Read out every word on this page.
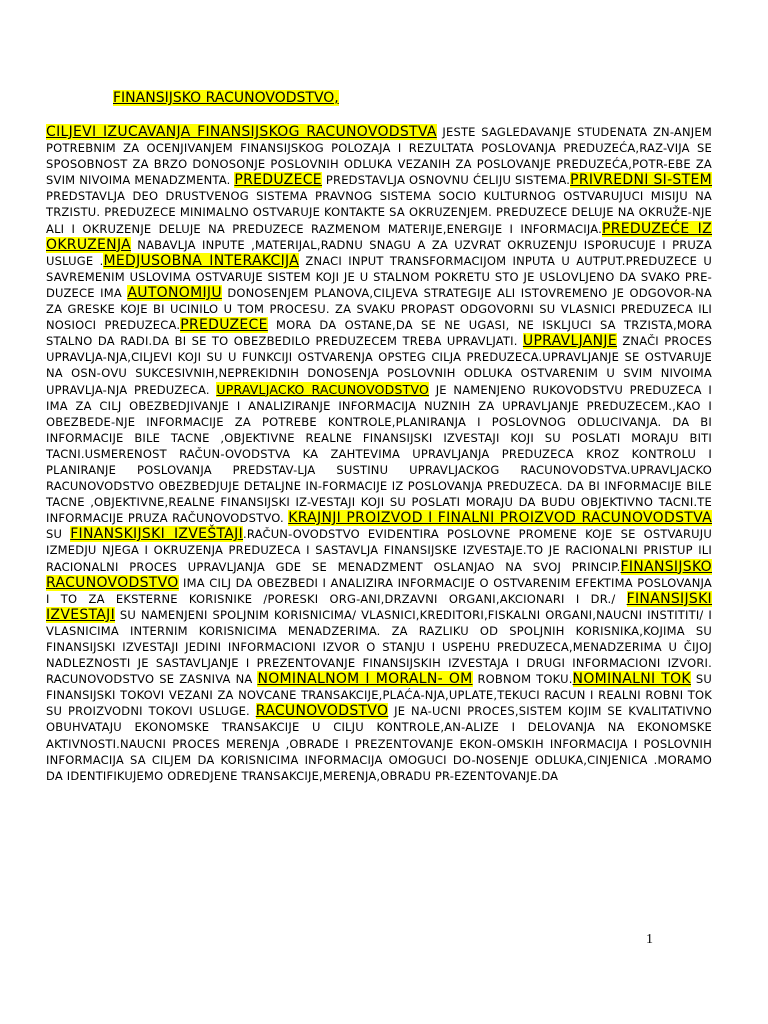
FINANSIJSKO RACUNOVODSTVO,

CILJEVI IZUCAVANJA FINANSIJSKOG RACUNOVODSTVA JESTE SAGLEDAVANJE STUDENATA ZN-ANJEM POTREBNIM ZA OCENJIVANJEM FINANSIJSKOG POLOZAJA I REZULTATA POSLOVANJA PREDUZEĆA,RAZ-VIJA SE SPOSOBNOST ZA BRZO DONOSONJE POSLOVNIH ODLUKA VEZANIH ZA POSLOVANJE PREDUZEĆA,POTR-EBE ZA SVIM NIVOIMA MENADZMENTA. PREDUZECE PREDSTAVLJA OSNOVNU ĆELIJU SISTEMA.PRIVREDNI SI-STEM PREDSTAVLJA DEO DRUSTVENOG SISTEMA PRAVNOG SISTEMA SOCIO KULTURNOG OSTVARUJUCI MISIJU NA TRZISTU. PREDUZECE MINIMALNO OSTVARUJE KONTAKTE SA OKRUZENJEM. PREDUZECE DELUJE NA OKRUŽE-NJE ALI I OKRUZENJE DELUJE NA PREDUZECE RAZMENOM MATERIJE,ENERGIJE I INFORMACIJA.PREDUZEĆE IZ OKRUZENJA NABAVLJA INPUTE ,MATERIJAL,RADNU SNAGU A ZA UZVRAT OKRUZENJU ISPORUCUJE I PRUZA USLUGE .MEDJUSOBNA INTERAKCIJA ZNACI INPUT TRANSFORMACIJOM INPUTA U AUTPUT.PREDUZECE U SAVREMENIM USLOVIMA OSTVARUJE SISTEM KOJI JE U STALNOM POKRETU STO JE USLOVLJENO DA SVAKO PRE-DUZECE IMA AUTONOMIJU DONOSENJEM PLANOVA,CILJEVA STRATEGIJE ALI ISTOVREMENO JE ODGOVOR-NA ZA GRESKE KOJE BI UCINILO U TOM PROCESU. ZA SVAKU PROPAST ODGOVORNI SU VLASNICI PREDUZECA ILI NOSIOCI PREDUZECA.PREDUZECE MORA DA OSTANE,DA SE NE UGASI, NE ISKLJUCI SA TRZISTA,MORA STALNO DA RADI.DA BI SE TO OBEZBEDILO PREDUZECEM TREBA UPRAVLJATI. UPRAVLJANJE ZNAČI PROCES UPRAVLJA-NJA,CILJEVI KOJI SU U FUNKCIJI OSTVARENJA OPSTEG CILJA PREDUZECA.UPRAVLJANJE SE OSTVARUJE NA OSN-OVU SUKCESIVNIH,NEPREKIDNIH DONOSENJA POSLOVNIH ODLUKA OSTVARENIM U SVIM NIVOIMA UPRAVLJA-NJA PREDUZECA. UPRAVLJACKO RACUNOVODSTVO JE NAMENJENO RUKOVODSTVU PREDUZECA I IMA ZA CILJ OBEZBEDJIVANJE I ANALIZIRANJE INFORMACIJA NUZNIH ZA UPRAVLJANJE PREDUZECEM.,KAO I OBEZBEDE-NJE INFORMACIJE ZA POTREBE KONTROLE,PLANIRANJA I POSLOVNOG ODLUCIVANJA. DA BI INFORMACIJE BILE TACNE ,OBJEKTIVNE REALNE FINANSIJSKI IZVESTAJI KOJI SU POSLATI MORAJU BITI TACNI.USMERENOST RAČUN-OVODSTVA KA ZAHTEVIMA UPRAVLJANJA PREDUZECA KROZ KONTROLU I PLANIRANJE POSLOVANJA PREDSTAV-LJA SUSTINU UPRAVLJACKOG RACUNOVODSTVA.UPRAVLJACKO RACUNOVODSTVO OBEZBEDJUJE DETALJNE IN-FORMACIJE IZ POSLOVANJA PREDUZECA. DA BI INFORMACIJE BILE TACNE ,OBJEKTIVNE,REALNE FINANSIJSKI IZ-VESTAJI KOJI SU POSLATI MORAJU DA BUDU OBJEKTIVNO TACNI.TE INFORMACIJE PRUZA RAČUNOVODSTVO. KRAJNJI PROIZVOD I FINALNI PROIZVOD RACUNOVODSTVA SU FINANSKIJSKI IZVEŠTAJI.RAČUN-OVODSTVO EVIDENTIRA POSLOVNE PROMENE KOJE SE OSTVARUJU IZMEDJU NJEGA I OKRUZENJA PREDUZECA I SASTAVLJA FINANSIJSKE IZVESTAJE.TO JE RACIONALNI PRISTUP ILI RACIONALNI PROCES UPRAVLJANJA GDE SE MENADZMENT OSLANJAO NA SVOJ PRINCIP.FINANSIJSKO RACUNOVODSTVO IMA CILJ DA OBEZBEDI I ANALIZIRA INFORMACIJE O OSTVARENIM EFEKTIMA POSLOVANJA I TO ZA EKSTERNE KORISNIKE /PORESKI ORG-ANI,DRZAVNI ORGANI,AKCIONARI I DR./ FINANSIJSKI IZVESTAJI SU NAMENJENI SPOLJNIM KORISNICIMA/ VLASNICI,KREDITORI,FISKALNI ORGANI,NAUCNI INSTITITI/ I VLASNICIMA INTERNIM KORISNICIMA MENADZERIMA. ZA RAZLIKU OD SPOLJNIH KORISNIKA,KOJIMA SU FINANSIJSKI IZVESTAJI JEDINI INFORMACIONI IZVOR O STANJU I USPEHU PREDUZECA,MENADZERIMA U ČIJOJ NADLEZNOSTI JE SASTAVLJANJE I PREZENTOVANJE FINANSIJSKIH IZVESTAJA I DRUGI INFORMACIONI IZVORI. RACUNOVODSTVO SE ZASNIVA NA NOMINALNOM I MORALN- OM ROBNOM TOKU.NOMINALNI TOK SU FINANSIJSKI TOKOVI VEZANI ZA NOVCANE TRANSAKCIJE,PLAĆA-NJA,UPLATE,TEKUCI RACUN I REALNI ROBNI TOK SU PROIZVODNI TOKOVI USLUGE. RACUNOVODSTVO JE NA-UCNI PROCES,SISTEM KOJIM SE KVALITATIVNO OBUHVATAJU EKONOMSKE TRANSAKCIJE U CILJU KONTROLE,AN-ALIZE I DELOVANJA NA EKONOMSKE AKTIVNOSTI.NAUCNI PROCES MERENJA ,OBRADE I PREZENTOVANJE EKON-OMSKIH INFORMACIJA I POSLOVNIH INFORMACIJA SA CILJEM DA KORISNICIMA INFORMACIJA OMOGUCI DO-NOSENJE ODLUKA,CINJENICA .MORAMO DA IDENTIFIKUJEMO ODREDJENE TRANSAKCIJE,MERENJA,OBRADU PR-EZENTOVANJE.DA

1
